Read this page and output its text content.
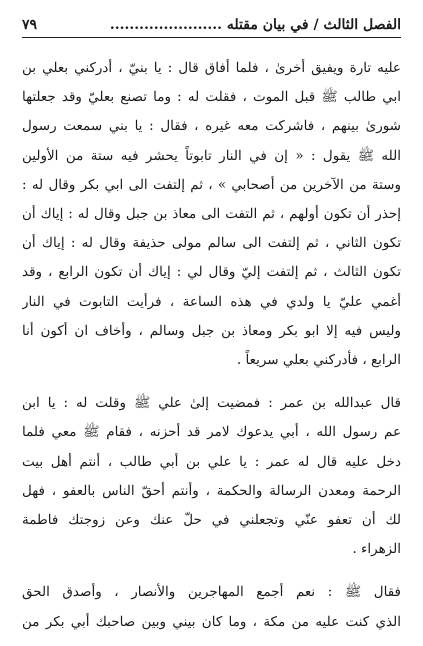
الفصل الثالث / في بيان مقتله .......................
٧٩
عليه تارة ويفيق أخرىٰ ، فلما أفاق قال : يا بنيّ ، أدركني بعلي بن
ابي طالب ﷺ قبل الموت ، فقلت له : وما تصنع بعليّ وقد جعلتها
شورىٰ بينهم ، فاشركت معه غيره ، فقال : يا بني سمعت رسول
الله ﷺ يقول : « إن في النار تابوتاً يحشر فيه ستة من الأولين
وستة من الآخرين من أصحابي » ، ثم إلتفت الى ابي بكر وقال له :
إحذر أن تكون أولهم ، ثم التفت الى معاذ بن جبل وقال له : إياك أن
تكون الثاني ، ثم إلتفت الى سالم مولى حذيفة وقال له : إياك أن
تكون الثالث ، ثم إلتفت إليّ وقال لي : إياك أن تكون الرابع ، وقد
أغمي عليّ يا ولدي في هذه الساعة ، فرأيت التابوت في النار
وليس فيه إلا ابو بكر ومعاذ بن جبل وسالم ، وأخاف ان أكون أنا
الرابع ، فأدركني بعلي سريعاً .
قال عبدالله بن عمر : فمضيت إلىٰ علي ﷺ وقلت له : يا ابن
عم رسول الله ، أبي يدعوك لامر قد أحزنه ، فقام ﷺ معي فلما
دخل عليه قال له عمر : يا علي بن أبي طالب ، أنتم أهل بيت
الرحمة ومعدن الرسالة والحكمة ، وأنتم أحقّ الناس بالعفو ، فهل
لك أن تعفو عنّي وتجعلني في حلّ عنك وعن زوجتك فاطمة
الزهراء .
فقال ﷺ : نعم أجمع المهاجرين والأنصار ، وأصدق الحق
الذي كنت عليه من مكة ، وما كان بيني وبين صاحبك أبي بكر من
